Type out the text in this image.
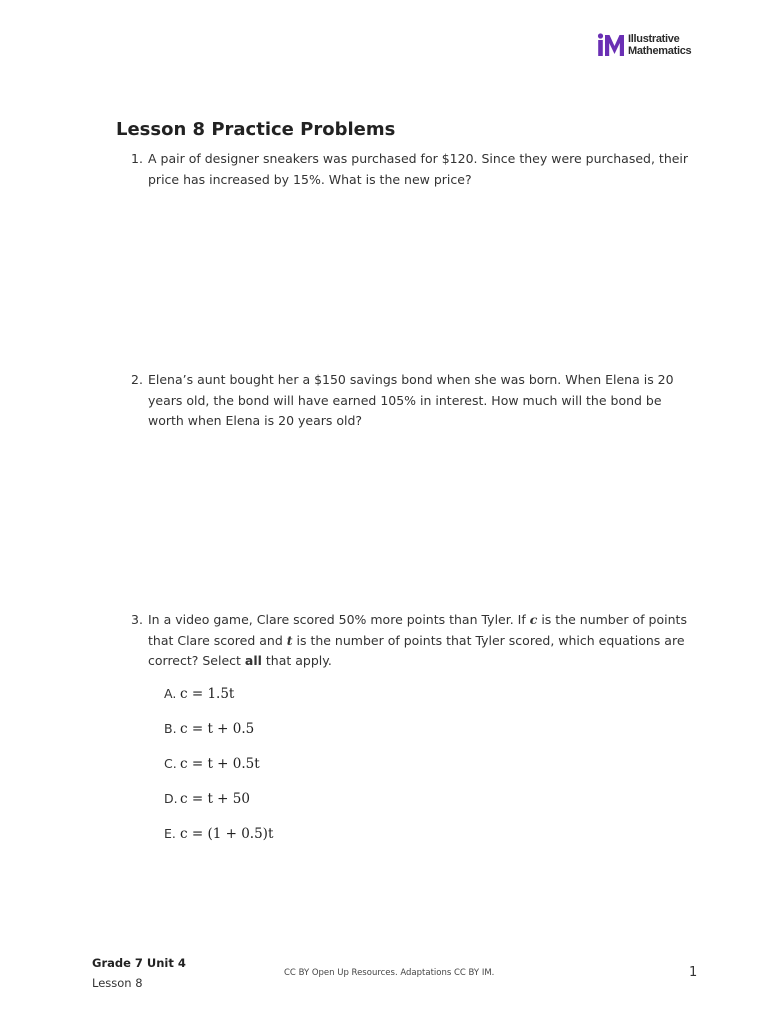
Illustrative
Mathematics
Lesson 8 Practice Problems
1. A pair of designer sneakers was purchased for $120. Since they were purchased, their
price has increased by 15%. What is the new price?
2. Elena’s aunt bought her a $150 savings bond when she was born. When Elena is 20
years old, the bond will have earned 105% in interest. How much will the bond be
worth when Elena is 20 years old?
3. In a video game, Clare scored 50% more points than Tyler. If c is the number of points
that Clare scored and t is the number of points that Tyler scored, which equations are
correct? Select all that apply.
A. c = 1.5t
B. c = t + 0.5
C. c = t + 0.5t
D. c = t + 50
E. c = (1 + 0.5)t
Grade 7 Unit 4
Lesson 8
CC BY Open Up Resources. Adaptations CC BY IM.	1
